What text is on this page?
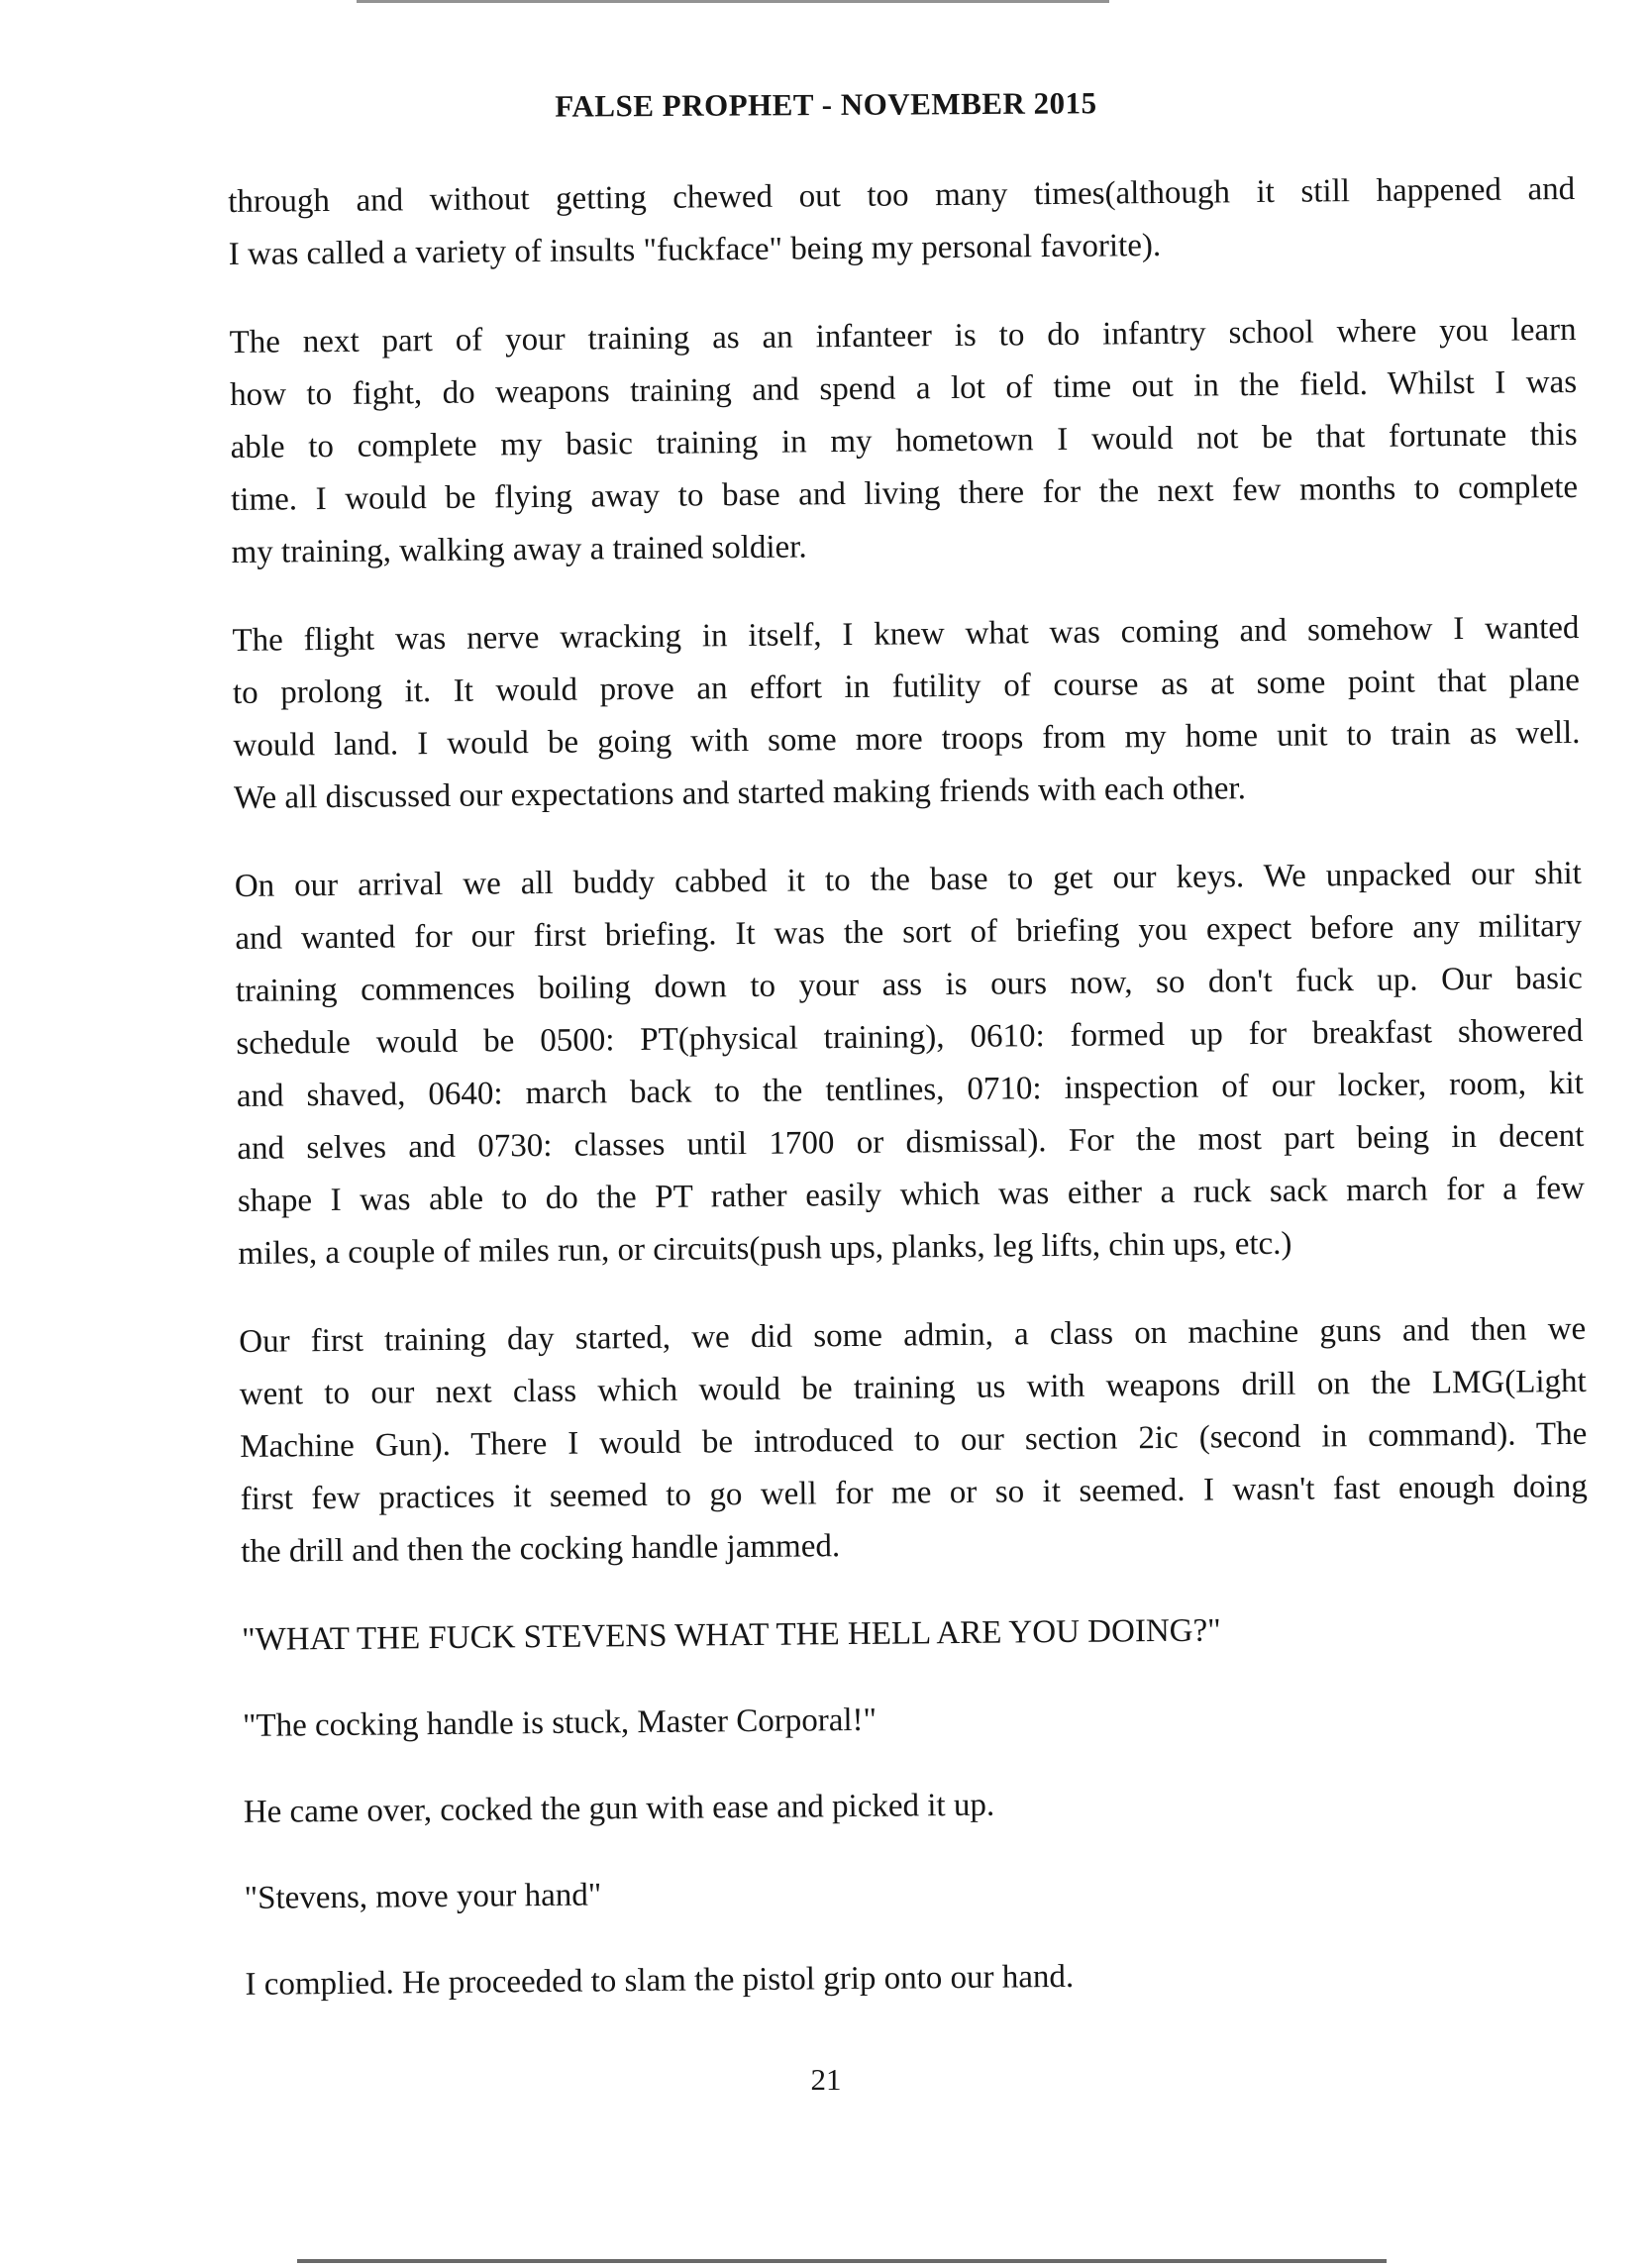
FALSE PROPHET - NOVEMBER 2015
through and without getting chewed out too many times(although it still happened and
I was called a variety of insults "fuckface" being my personal favorite).
The next part of your training as an infanteer is to do infantry school where you learn
how to fight, do weapons training and spend a lot of time out in the field. Whilst I was
able to complete my basic training in my hometown I would not be that fortunate this
time. I would be flying away to base and living there for the next few months to complete
my training, walking away a trained soldier.
The flight was nerve wracking in itself, I knew what was coming and somehow I wanted
to prolong it. It would prove an effort in futility of course as at some point that plane
would land. I would be going with some more troops from my home unit to train as well.
We all discussed our expectations and started making friends with each other.
On our arrival we all buddy cabbed it to the base to get our keys. We unpacked our shit
and wanted for our first briefing. It was the sort of briefing you expect before any military
training commences boiling down to your ass is ours now, so don't fuck up. Our basic
schedule would be 0500: PT(physical training), 0610: formed up for breakfast showered
and shaved, 0640: march back to the tentlines, 0710: inspection of our locker, room, kit
and selves and 0730: classes until 1700 or dismissal). For the most part being in decent
shape I was able to do the PT rather easily which was either a ruck sack march for a few
miles, a couple of miles run, or circuits(push ups, planks, leg lifts, chin ups, etc.)
Our first training day started, we did some admin, a class on machine guns and then we
went to our next class which would be training us with weapons drill on the LMG(Light
Machine Gun). There I would be introduced to our section 2ic (second in command). The
first few practices it seemed to go well for me or so it seemed. I wasn't fast enough doing
the drill and then the cocking handle jammed.
"WHAT THE FUCK STEVENS WHAT THE HELL ARE YOU DOING?"
"The cocking handle is stuck, Master Corporal!"
He came over, cocked the gun with ease and picked it up.
"Stevens, move your hand"
I complied. He proceeded to slam the pistol grip onto our hand.
21
